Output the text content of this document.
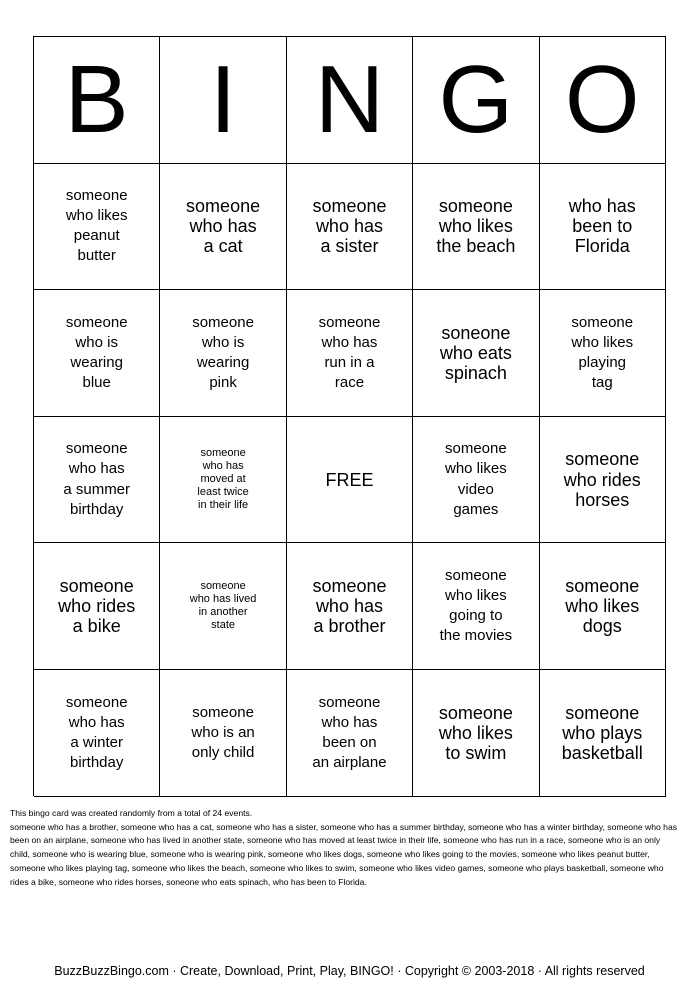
B I N G O
someone
who likes
peanut
butter
someone
who has
a cat
someone
who has
a sister
someone
who likes
the beach
who has
been to
Florida
someone
who is
wearing
blue
someone
who is
wearing
pink
someone
who has
run in a
race
soneone
who eats
spinach
someone
who likes
playing
tag
someone
who has
a summer
birthday
someone
who has
moved at
least twice
in their life
FREE
someone
who likes
video
games
someone
who rides
horses
someone
who rides
a bike
someone
who has lived
in another
state
someone
who has
a brother
someone
who likes
going to
the movies
someone
who likes
dogs
someone
who has
a winter
birthday
someone
who is an
only child
someone
who has
been on
an airplane
someone
who likes
to swim
someone
who plays
basketball
This bingo card was created randomly from a total of 24 events.
someone who has a brother, someone who has a cat, someone who has a sister, someone who has a summer birthday, someone who has a winter birthday, someone who has been on an airplane, someone who has lived in another state, someone who has moved at least twice in their life, someone who has run in a race, someone who is an only child, someone who is wearing blue, someone who is wearing pink, someone who likes dogs, someone who likes going to the movies, someone who likes peanut butter, someone who likes playing tag, someone who likes the beach, someone who likes to swim, someone who likes video games, someone who plays basketball, someone who rides a bike, someone who rides horses, soneone who eats spinach, who has been to Florida.
BuzzBuzzBingo.com · Create, Download, Print, Play, BINGO! · Copyright © 2003-2018 · All rights reserved
